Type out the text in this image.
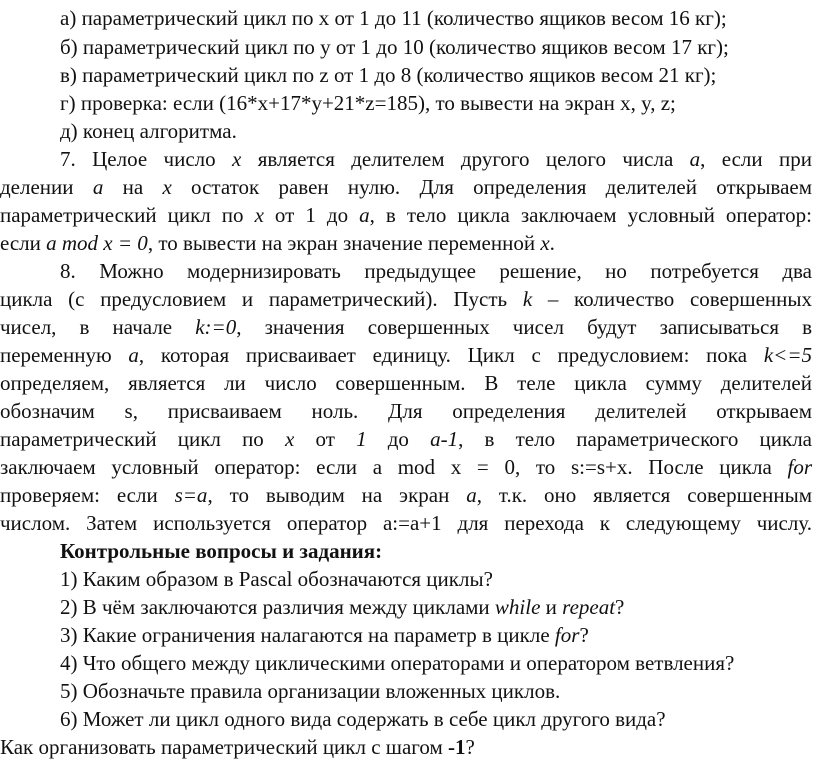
а) параметрический цикл по x от 1 до 11 (количество ящиков весом 16 кг);
б) параметрический цикл по y от 1 до 10 (количество ящиков весом 17 кг);
в) параметрический цикл по z от 1 до 8 (количество ящиков весом 21 кг);
г) проверка: если (16*x+17*y+21*z=185), то вывести на экран x, y, z;
д) конец алгоритма.
7. Целое число x является делителем другого целого числа a, если при
делении a на x остаток равен нулю. Для определения делителей открываем
параметрический цикл по x от 1 до a, в тело цикла заключаем условный оператор:
если a mod x = 0, то вывести на экран значение переменной x.
8. Можно модернизировать предыдущее решение, но потребуется два
цикла (с предусловием и параметрический). Пусть k – количество совершенных
чисел, в начале k:=0, значения совершенных чисел будут записываться в
переменную a, которая присваивает единицу. Цикл с предусловием: пока k<=5
определяем, является ли число совершенным. В теле цикла сумму делителей
обозначим s, присваиваем ноль. Для определения делителей открываем
параметрический цикл по x от 1 до a-1, в тело параметрического цикла
заключаем условный оператор: если a mod x = 0, то s:=s+x. После цикла for
проверяем: если s=a, то выводим на экран a, т.к. оно является совершенным
числом. Затем используется оператор a:=a+1 для перехода к следующему числу.
Контрольные вопросы и задания:
1) Каким образом в Pascal обозначаются циклы?
2) В чём заключаются различия между циклами while и repeat?
3) Какие ограничения налагаются на параметр в цикле for?
4) Что общего между циклическими операторами и оператором ветвления?
5) Обозначьте правила организации вложенных циклов.
6) Может ли цикл одного вида содержать в себе цикл другого вида?
Как организовать параметрический цикл с шагом -1?
